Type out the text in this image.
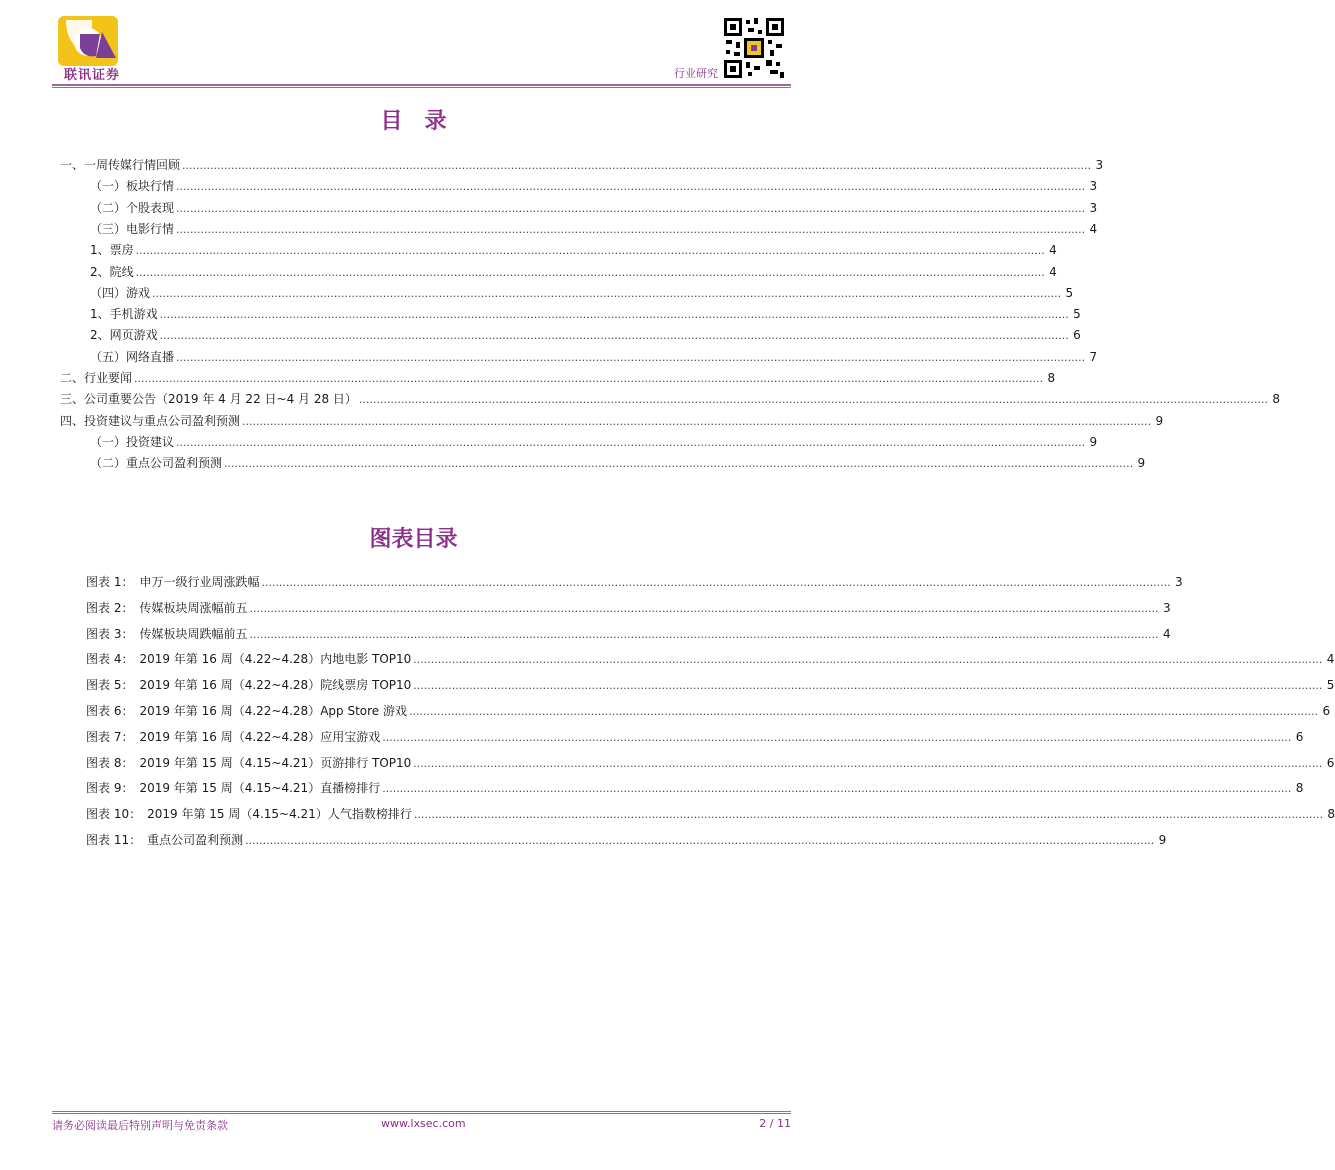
联讯证券	行业研究
目　录
一、一周传媒行情回顾 .................................................................................................................................................................................................................................................................... 3
（一）板块行情 .................................................................................................................................................................................................................................................................... 3
（二）个股表现 .................................................................................................................................................................................................................................................................... 3
（三）电影行情 .................................................................................................................................................................................................................................................................... 4
1、票房 .................................................................................................................................................................................................................................................................... 4
2、院线 .................................................................................................................................................................................................................................................................... 4
（四）游戏 .................................................................................................................................................................................................................................................................... 5
1、手机游戏 .................................................................................................................................................................................................................................................................... 5
2、网页游戏 .................................................................................................................................................................................................................................................................... 6
（五）网络直播 .................................................................................................................................................................................................................................................................... 7
二、行业要闻 .................................................................................................................................................................................................................................................................... 8
三、公司重要公告（2019 年 4 月 22 日~4 月 28 日） .................................................................................................................................................................................................................................................................... 8
四、投资建议与重点公司盈利预测 .................................................................................................................................................................................................................................................................... 9
（一）投资建议 .................................................................................................................................................................................................................................................................... 9
（二）重点公司盈利预测 .................................................................................................................................................................................................................................................................... 9
图表目录
图表 1：　申万一级行业周涨跌幅 .................................................................................................................................................................................................................................................................... 3
图表 2：　传媒板块周涨幅前五 .................................................................................................................................................................................................................................................................... 3
图表 3：　传媒板块周跌幅前五 .................................................................................................................................................................................................................................................................... 4
图表 4：　2019 年第 16 周（4.22~4.28）内地电影 TOP10 .................................................................................................................................................................................................................................................................... 4
图表 5：　2019 年第 16 周（4.22~4.28）院线票房 TOP10 .................................................................................................................................................................................................................................................................... 5
图表 6：　2019 年第 16 周（4.22~4.28）App Store 游戏 .................................................................................................................................................................................................................................................................... 6
图表 7：　2019 年第 16 周（4.22~4.28）应用宝游戏 .................................................................................................................................................................................................................................................................... 6
图表 8：　2019 年第 15 周（4.15~4.21）页游排行 TOP10 .................................................................................................................................................................................................................................................................... 6
图表 9：　2019 年第 15 周（4.15~4.21）直播榜排行 .................................................................................................................................................................................................................................................................... 8
图表 10：　2019 年第 15 周（4.15~4.21）人气指数榜排行 .................................................................................................................................................................................................................................................................... 8
图表 11：　重点公司盈利预测 .................................................................................................................................................................................................................................................................... 9
请务必阅读最后特别声明与免责条款	www.lxsec.com	2 / 11
